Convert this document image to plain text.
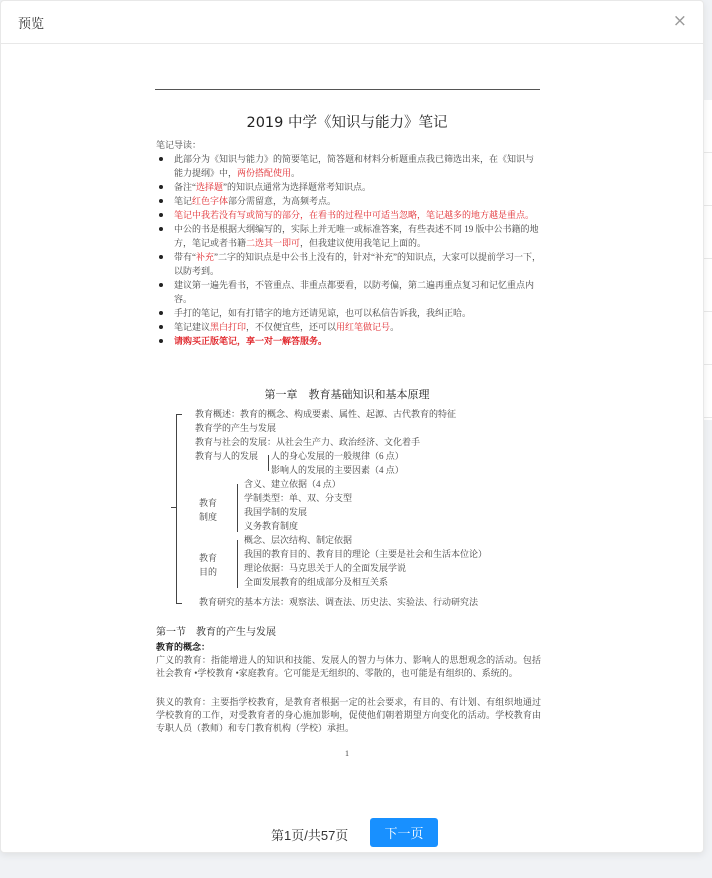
预览	×
2019 中学《知识与能力》笔记
笔记导读：
此部分为《知识与能力》的简要笔记，简答题和材料分析题重点我已筛选出来，在《知识与能力提纲》中，两份搭配使用。
备注“选择题”的知识点通常为选择题常考知识点。
笔记红色字体部分需留意，为高频考点。
笔记中我若没有写或简写的部分，在看书的过程中可适当忽略，笔记越多的地方越是重点。
中公的书是根据大纲编写的，实际上并无唯一或标准答案，有些表述不同 19 版中公书籍的地方，笔记或者书籍二选其一即可，但我建议使用我笔记上面的。
带有“补充”二字的知识点是中公书上没有的，针对“补充”的知识点，大家可以提前学习一下，以防考到。
建议第一遍先看书，不管重点、非重点都要看，以防考偏，第二遍再重点复习和记忆重点内容。
手打的笔记，如有打错字的地方还请见谅，也可以私信告诉我，我纠正哈。
笔记建议黑白打印，不仅便宜些，还可以用红笔做记号。
请购买正版笔记，享一对一解答服务。
第一章　教育基础知识和基本原理
教育概述：教育的概念、构成要素、属性、起源、古代教育的特征
教育学的产生与发展
教育与社会的发展：从社会生产力、政治经济、文化着手
教育与人的发展 人的身心发展的一般规律（6 点）
影响人的发展的主要因素（4 点）
教育
制度
含义、建立依据（4 点）
学制类型：单、双、分支型
我国学制的发展
义务教育制度
教育
目的
概念、层次结构、制定依据
我国的教育目的、教育目的理论（主要是社会和生活本位论）
理论依据：马克思关于人的全面发展学说
全面发展教育的组成部分及相互关系
教育研究的基本方法：观察法、调查法、历史法、实验法、行动研究法
第一节　教育的产生与发展
教育的概念：
广义的教育：指能增进人的知识和技能、发展人的智力与体力、影响人的思想观念的活动。包括社会教育 •学校教育 •家庭教育。它可能是无组织的、零散的，也可能是有组织的、系统的。
狭义的教育：主要指学校教育，是教育者根据一定的社会要求，有目的、有计划、有组织地通过学校教育的工作，对受教育者的身心施加影响，促使他们朝着期望方向变化的活动。学校教育由专职人员（教师）和专门教育机构（学校）承担。
1
第1页/共57页	下一页
